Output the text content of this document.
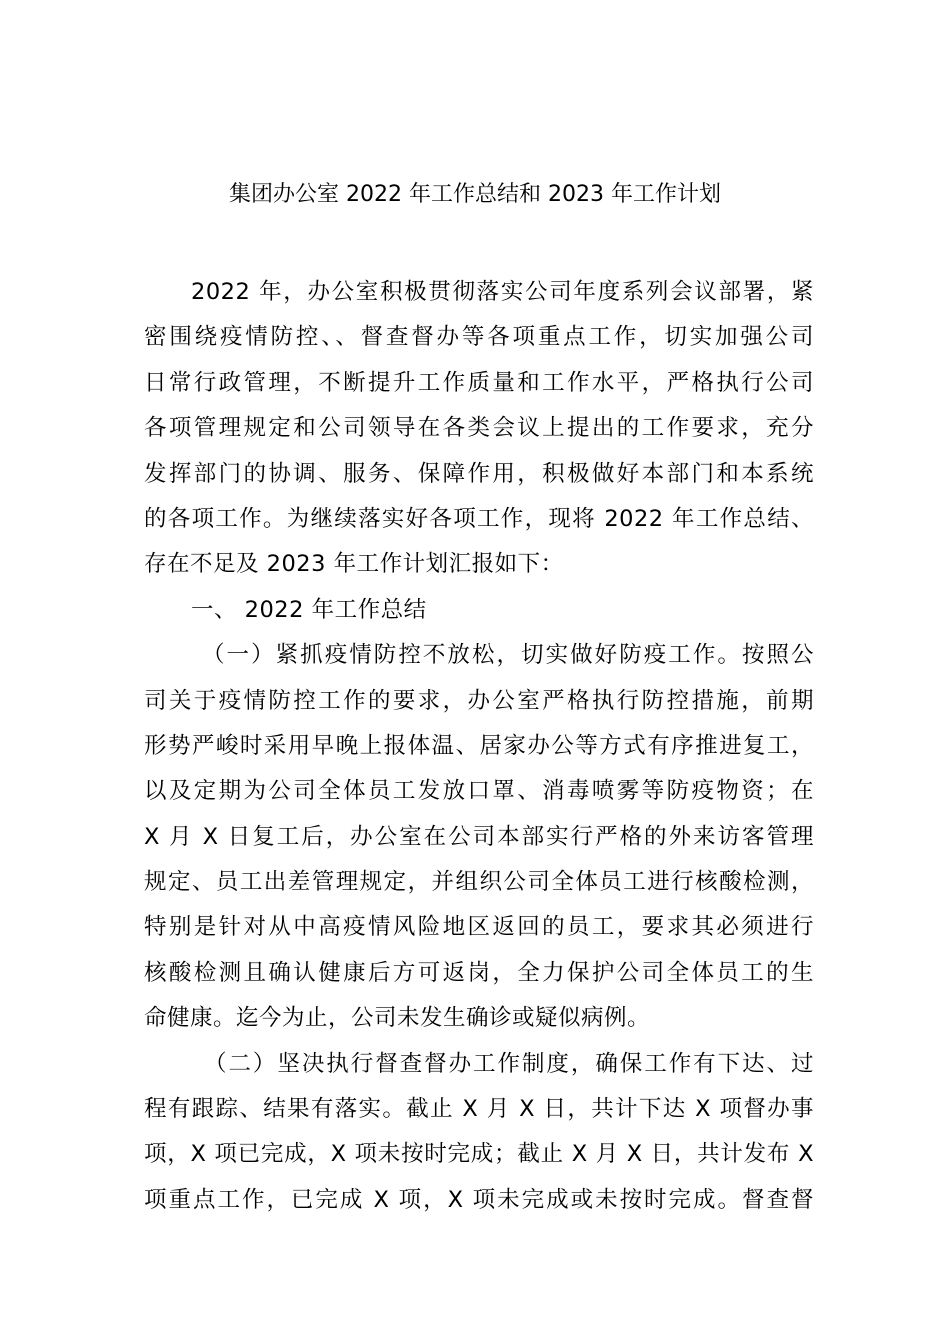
集团办公室 2022 年工作总结和 2023 年工作计划
2022 年，办公室积极贯彻落实公司年度系列会议部署，紧
密围绕疫情防控、、督查督办等各项重点工作，切实加强公司
日常行政管理，不断提升工作质量和工作水平，严格执行公司
各项管理规定和公司领导在各类会议上提出的工作要求，充分
发挥部门的协调、服务、保障作用，积极做好本部门和本系统
的各项工作。为继续落实好各项工作，现将 2022 年工作总结、
存在不足及 2023 年工作计划汇报如下：
一、 2022 年工作总结
（一）紧抓疫情防控不放松，切实做好防疫工作。按照公
司关于疫情防控工作的要求，办公室严格执行防控措施，前期
形势严峻时采用早晚上报体温、居家办公等方式有序推进复工，
以及定期为公司全体员工发放口罩、消毒喷雾等防疫物资；在
X 月 X 日复工后，办公室在公司本部实行严格的外来访客管理
规定、员工出差管理规定，并组织公司全体员工进行核酸检测，
特别是针对从中高疫情风险地区返回的员工，要求其必须进行
核酸检测且确认健康后方可返岗，全力保护公司全体员工的生
命健康。迄今为止，公司未发生确诊或疑似病例。
（二）坚决执行督查督办工作制度，确保工作有下达、过
程有跟踪、结果有落实。截止 X 月 X 日，共计下达 X 项督办事
项，X 项已完成，X 项未按时完成；截止 X 月 X 日，共计发布 X
项重点工作，已完成 X 项，X 项未完成或未按时完成。督查督
